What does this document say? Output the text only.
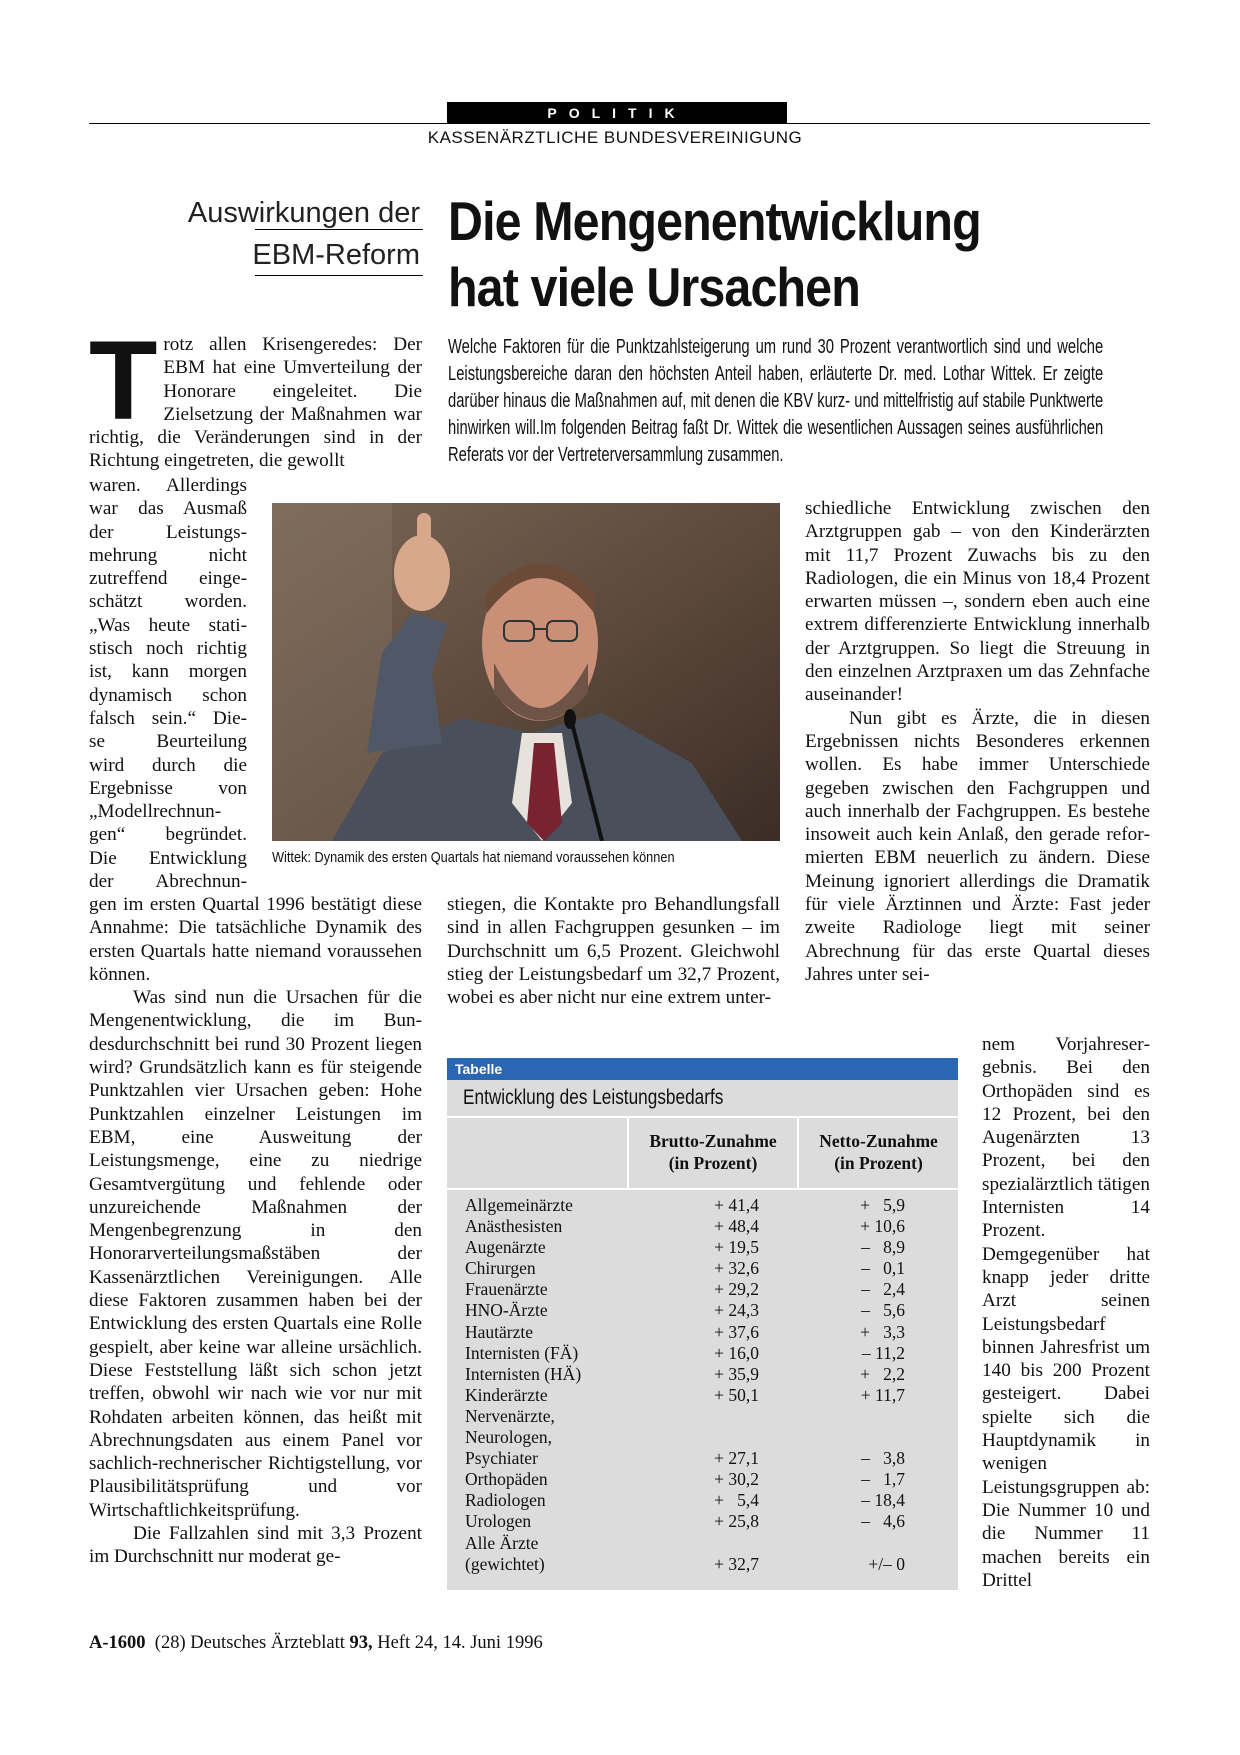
POLITIK
KASSENÄRZTLICHE BUNDESVEREINIGUNG
Auswirkungen der
EBM-Reform
Die Mengenentwicklung
hat viele Ursachen
Welche Faktoren für die Punktzahlsteigerung um rund 30 Prozent verantwortlich sind und welche Leistungsbereiche daran den höchsten Anteil haben, erläuterte Dr. med. Lothar Wittek. Er zeigte darüber hinaus die Maßnahmen auf, mit denen die KBV kurz- und mittelfristig auf stabile Punktwerte hinwirken will.Im folgenden Beitrag faßt Dr. Wittek die wesentlichen Aussagen seines ausführlichen Referats vor der Vertreterversammlung zusammen.
T rotz allen Krisengeredes: Der EBM hat eine Umverteilung der Honorare eingeleitet. Die Zielsetzung der Maßnahmen war richtig, die Veränderungen sind in der Richtung eingetreten, die gewollt
waren. Allerdings
war das Ausmaß
der Leistungs-
mehrung nicht
zutreffend einge-
schätzt worden.
„Was heute stati-
stisch noch richtig
ist, kann morgen
dynamisch schon
falsch sein.“ Die-
se Beurteilung
wird durch die
Ergebnisse von
„Modellrechnun-
gen“ begründet.
Die Entwicklung
der Abrechnun-

gen im ersten Quartal 1996 bestätigt diese Annahme: Die tatsächliche Dynamik des ersten Quartals hatte niemand voraussehen können.

Was sind nun die Ursachen für die Mengenentwicklung, die im Bundesdurchschnitt bei rund 30 Prozent liegen wird? Grundsätzlich kann es für steigende Punktzahlen vier Ursachen geben: Hohe Punktzahlen einzelner Leistungen im EBM, eine Ausweitung der Leistungsmenge, eine zu niedrige Gesamtvergütung und fehlende oder unzureichende Maßnahmen der Mengenbegrenzung in den Honorarverteilungsmaßstäben der Kassenärztlichen Vereinigungen. Alle diese Faktoren zusammen haben bei der Entwicklung des ersten Quartals eine Rolle gespielt, aber keine war alleine ursächlich. Diese Feststellung läßt sich schon jetzt treffen, obwohl wir nach wie vor nur mit Rohdaten arbeiten können, das heißt mit Abrechnungsdaten aus einem Panel vor sachlich-rechnerischer Richtigstellung, vor Plausibilitätsprüfung und vor Wirtschaftlichkeitsprüfung.

Die Fallzahlen sind mit 3,3 Prozent im Durchschnitt nur moderat ge-

Wittek: Dynamik des ersten Quartals hat niemand voraussehen können

stiegen, die Kontakte pro Behandlungsfall sind in allen Fachgruppen gesunken – im Durchschnitt um 6,5 Prozent. Gleichwohl stieg der Leistungsbedarf um 32,7 Prozent, wobei es aber nicht nur eine extrem unter-

schiedliche Entwicklung zwischen den Arztgruppen gab – von den Kinderärzten mit 11,7 Prozent Zuwachs bis zu den Radiologen, die ein Minus von 18,4 Prozent erwarten müssen –, sondern eben auch eine extrem differenzierte Entwicklung innerhalb der Arztgruppen. So liegt die Streuung in den einzelnen Arztpraxen um das Zehnfache auseinander!

Nun gibt es Ärzte, die in diesen Ergebnissen nichts Besonderes erkennen wollen. Es habe immer Unterschiede gegeben zwischen den Fachgruppen und auch innerhalb der Fachgruppen. Es bestehe insoweit auch kein Anlaß, den gerade reformierten EBM neuerlich zu ändern. Diese Meinung ignoriert allerdings die Dramatik für viele Ärztinnen und Ärzte: Fast jeder zweite Radiologe liegt mit seiner Abrechnung für das erste Quartal dieses Jahres unter sei-

nem Vorjahresergebnis. Bei den Orthopäden sind es 12 Prozent, bei den Augenärzten 13 Prozent, bei den spezialärztlich tätigen Internisten 14 Prozent. Demgegenüber hat knapp jeder dritte Arzt seinen Leistungsbedarf binnen Jahresfrist um 140 bis 200 Prozent gesteigert. Dabei spielte sich die Hauptdynamik in wenigen Leistungsgruppen ab: Die Nummer 10 und die Nummer 11 machen bereits ein Drittel

Tabelle
Entwicklung des Leistungsbedarfs
Brutto-Zunahme
(in Prozent)
Netto-Zunahme
(in Prozent)
Allgemeinärzte	+ 41,4	+   5,9
Anästhesisten	+ 48,4	+ 10,6
Augenärzte	+ 19,5	–   8,9
Chirurgen	+ 32,6	–   0,1
Frauenärzte	+ 29,2	–   2,4
HNO-Ärzte	+ 24,3	–   5,6
Hautärzte	+ 37,6	+   3,3
Internisten (FÄ)	+ 16,0	– 11,2
Internisten (HÄ)	+ 35,9	+   2,2
Kinderärzte	+ 50,1	+ 11,7
Nervenärzte,
Neurologen,
Psychiater	+ 27,1	–   3,8
Orthopäden	+ 30,2	–   1,7
Radiologen	+   5,4	– 18,4
Urologen	+ 25,8	–   4,6
Alle Ärzte
(gewichtet)	+ 32,7	+/– 0
A-1600 (28) Deutsches Ärzteblatt 93, Heft 24, 14. Juni 1996
